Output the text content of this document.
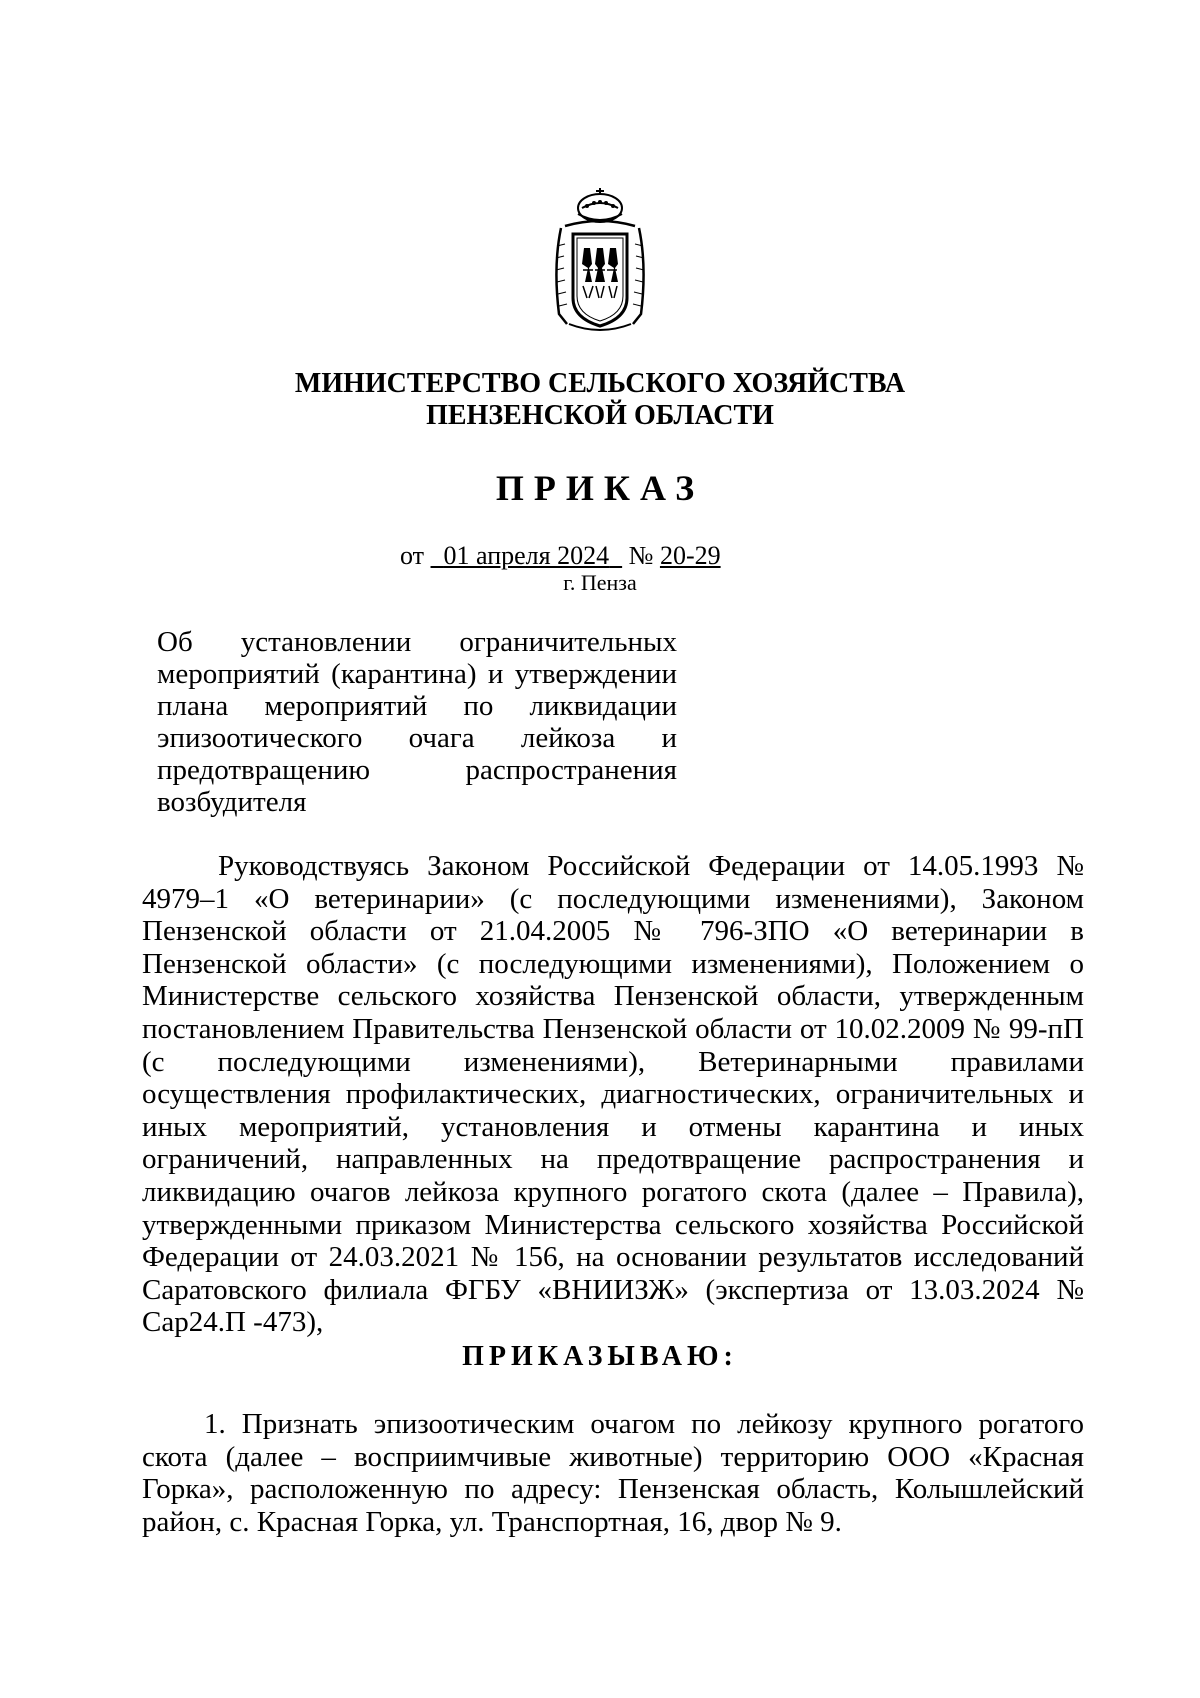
МИНИСТЕРСТВО СЕЛЬСКОГО ХОЗЯЙСТВА
ПЕНЗЕНСКОЙ ОБЛАСТИ
ПРИКАЗ
от 01 апреля 2024 № 20-29
г. Пенза
Об установлении ограничительных мероприятий (карантина) и утверждении плана мероприятий по ликвидации эпизоотического очага лейкоза и предотвращению распространения возбудителя
Руководствуясь Законом Российской Федерации от 14.05.1993 № 4979–1 «О ветеринарии» (с последующими изменениями), Законом Пензенской области от 21.04.2005 № 796-ЗПО «О ветеринарии в Пензенской области» (с последующими изменениями), Положением о Министерстве сельского хозяйства Пензенской области, утвержденным постановлением Правительства Пензенской области от 10.02.2009 № 99-пП (с последующими изменениями), Ветеринарными правилами осуществления профилактических, диагностических, ограничительных и иных мероприятий, установления и отмены карантина и иных ограничений, направленных на предотвращение распространения и ликвидацию очагов лейкоза крупного рогатого скота (далее – Правила), утвержденными приказом Министерства сельского хозяйства Российской Федерации от 24.03.2021 № 156, на основании результатов исследований Саратовского филиала ФГБУ «ВНИИЗЖ» (экспертиза от 13.03.2024 № Сар24.П -473),
ПРИКАЗЫВАЮ:
1. Признать эпизоотическим очагом по лейкозу крупного рогатого скота (далее – восприимчивые животные) территорию ООО «Красная Горка», расположенную по адресу: Пензенская область, Колышлейский район, с. Красная Горка, ул. Транспортная, 16, двор № 9.
